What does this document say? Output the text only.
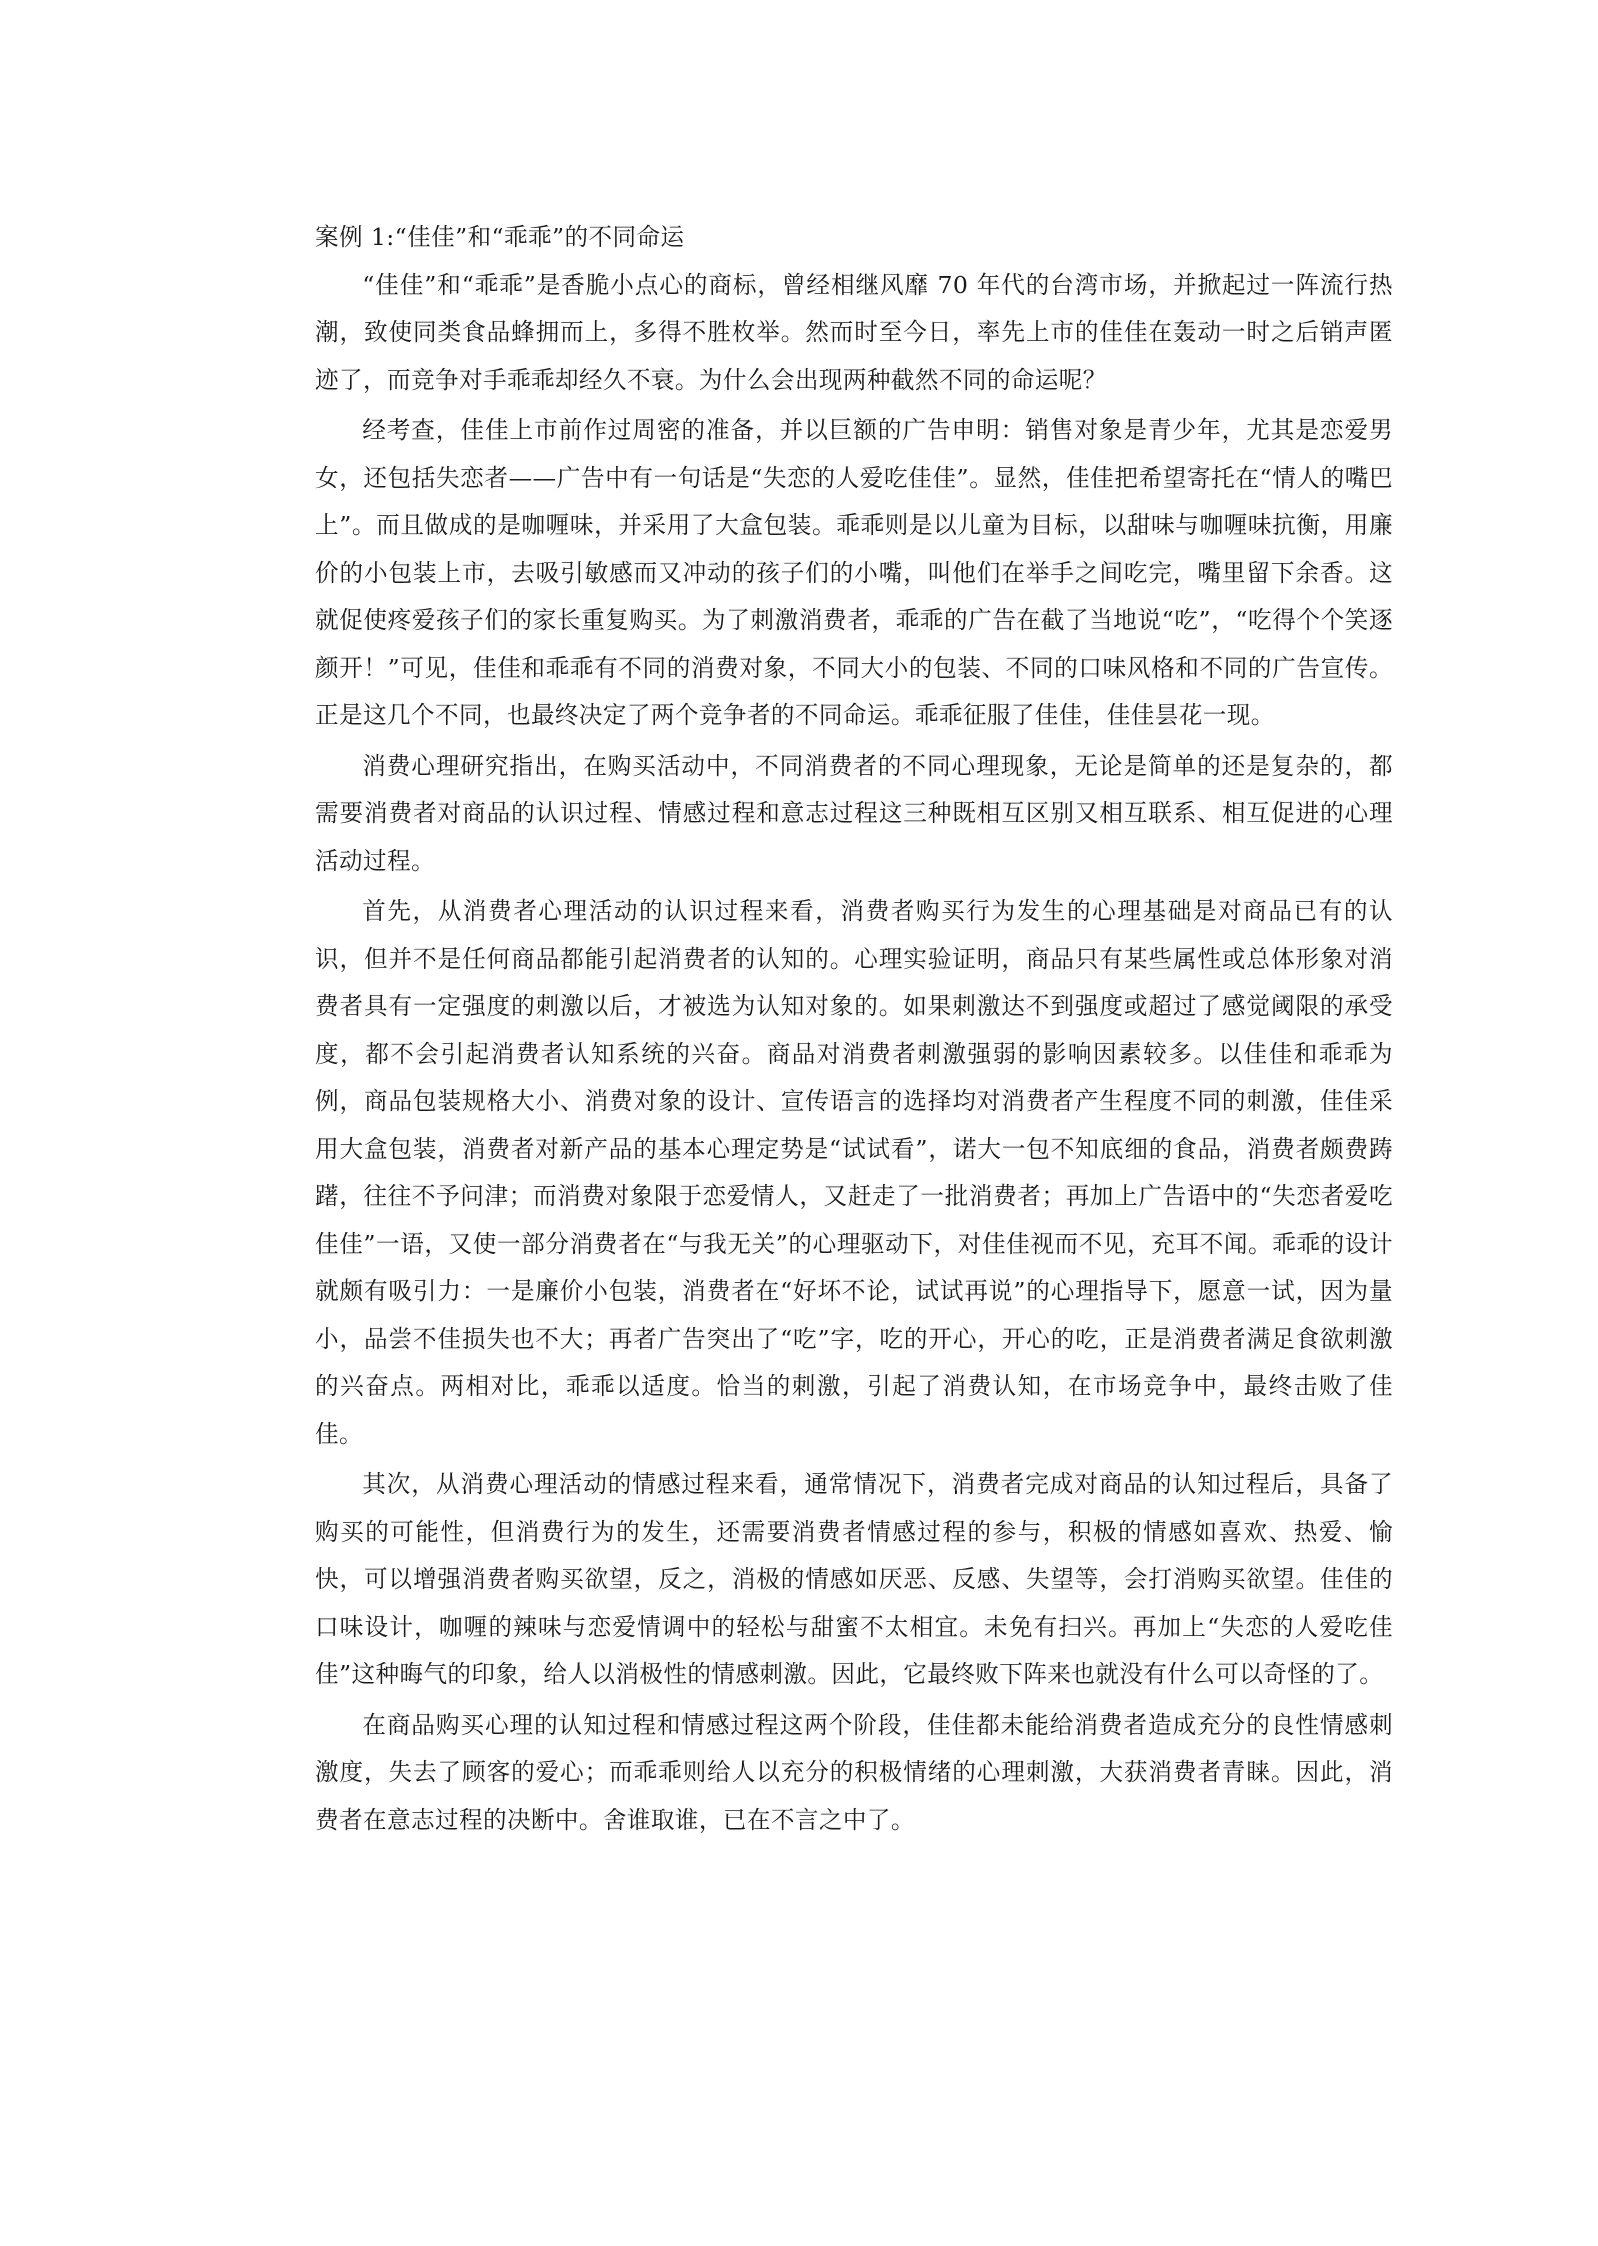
案例 1:“佳佳”和“乖乖”的不同命运

“佳佳”和“乖乖”是香脆小点心的商标，曾经相继风靡 70 年代的台湾市场，并掀起过一阵流行热潮，致使同类食品蜂拥而上，多得不胜枚举。然而时至今日，率先上市的佳佳在轰动一时之后销声匿迹了，而竞争对手乖乖却经久不衰。为什么会出现两种截然不同的命运呢？

经考查，佳佳上市前作过周密的准备，并以巨额的广告申明：销售对象是青少年，尤其是恋爱男女，还包括失恋者——广告中有一句话是“失恋的人爱吃佳佳”。显然，佳佳把希望寄托在“情人的嘴巴上”。而且做成的是咖喱味，并采用了大盒包装。乖乖则是以儿童为目标，以甜味与咖喱味抗衡，用廉价的小包装上市，去吸引敏感而又冲动的孩子们的小嘴，叫他们在举手之间吃完，嘴里留下余香。这就促使疼爱孩子们的家长重复购买。为了刺激消费者，乖乖的广告在截了当地说“吃”，“吃得个个笑逐颜开！”可见，佳佳和乖乖有不同的消费对象，不同大小的包装、不同的口味风格和不同的广告宣传。正是这几个不同，也最终决定了两个竞争者的不同命运。乖乖征服了佳佳，佳佳昙花一现。

消费心理研究指出，在购买活动中，不同消费者的不同心理现象，无论是简单的还是复杂的，都需要消费者对商品的认识过程、情感过程和意志过程这三种既相互区别又相互联系、相互促进的心理活动过程。

首先，从消费者心理活动的认识过程来看，消费者购买行为发生的心理基础是对商品已有的认识，但并不是任何商品都能引起消费者的认知的。心理实验证明，商品只有某些属性或总体形象对消费者具有一定强度的刺激以后，才被选为认知对象的。如果刺激达不到强度或超过了感觉阈限的承受度，都不会引起消费者认知系统的兴奋。商品对消费者刺激强弱的影响因素较多。以佳佳和乖乖为例，商品包装规格大小、消费对象的设计、宣传语言的选择均对消费者产生程度不同的刺激，佳佳采用大盒包装，消费者对新产品的基本心理定势是“试试看”，诺大一包不知底细的食品，消费者颇费踌躇，往往不予问津；而消费对象限于恋爱情人，又赶走了一批消费者；再加上广告语中的“失恋者爱吃佳佳”一语，又使一部分消费者在“与我无关”的心理驱动下，对佳佳视而不见，充耳不闻。乖乖的设计就颇有吸引力：一是廉价小包装，消费者在“好坏不论，试试再说”的心理指导下，愿意一试，因为量小，品尝不佳损失也不大；再者广告突出了“吃”字，吃的开心，开心的吃，正是消费者满足食欲刺激的兴奋点。两相对比，乖乖以适度。恰当的刺激，引起了消费认知，在市场竞争中，最终击败了佳佳。

其次，从消费心理活动的情感过程来看，通常情况下，消费者完成对商品的认知过程后，具备了购买的可能性，但消费行为的发生，还需要消费者情感过程的参与，积极的情感如喜欢、热爱、愉快，可以增强消费者购买欲望，反之，消极的情感如厌恶、反感、失望等，会打消购买欲望。佳佳的口味设计，咖喱的辣味与恋爱情调中的轻松与甜蜜不太相宜。未免有扫兴。再加上“失恋的人爱吃佳佳”这种晦气的印象，给人以消极性的情感刺激。因此，它最终败下阵来也就没有什么可以奇怪的了。

在商品购买心理的认知过程和情感过程这两个阶段，佳佳都未能给消费者造成充分的良性情感刺激度，失去了顾客的爱心；而乖乖则给人以充分的积极情绪的心理刺激，大获消费者青睐。因此，消费者在意志过程的决断中。舍谁取谁，已在不言之中了。
